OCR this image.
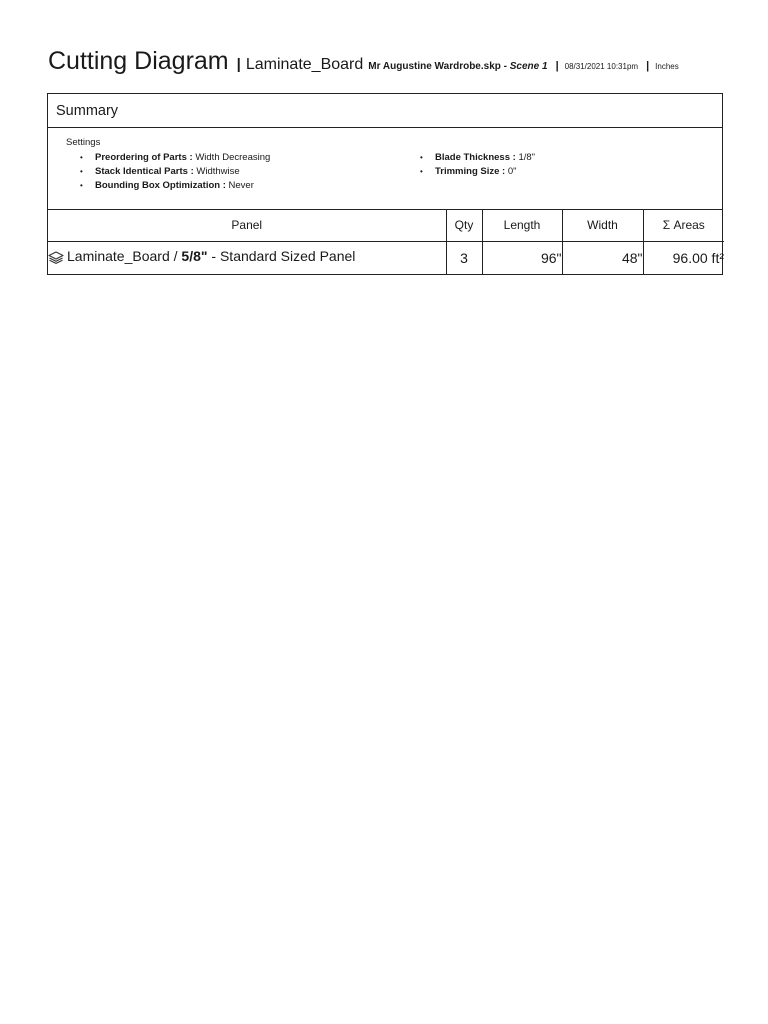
Cutting Diagram | Laminate_Board Mr Augustine Wardrobe.skp - Scene 1 | 08/31/2021 10:31pm | Inches
Summary
Settings
• Preordering of Parts : Width Decreasing
• Stack Identical Parts : Widthwise
• Bounding Box Optimization : Never
• Blade Thickness : 1/8"
• Trimming Size : 0"
Panel	Qty	Length	Width	Σ Areas
Laminate_Board / 5/8" - Standard Sized Panel	3	96"	48"	96.00 ft²
